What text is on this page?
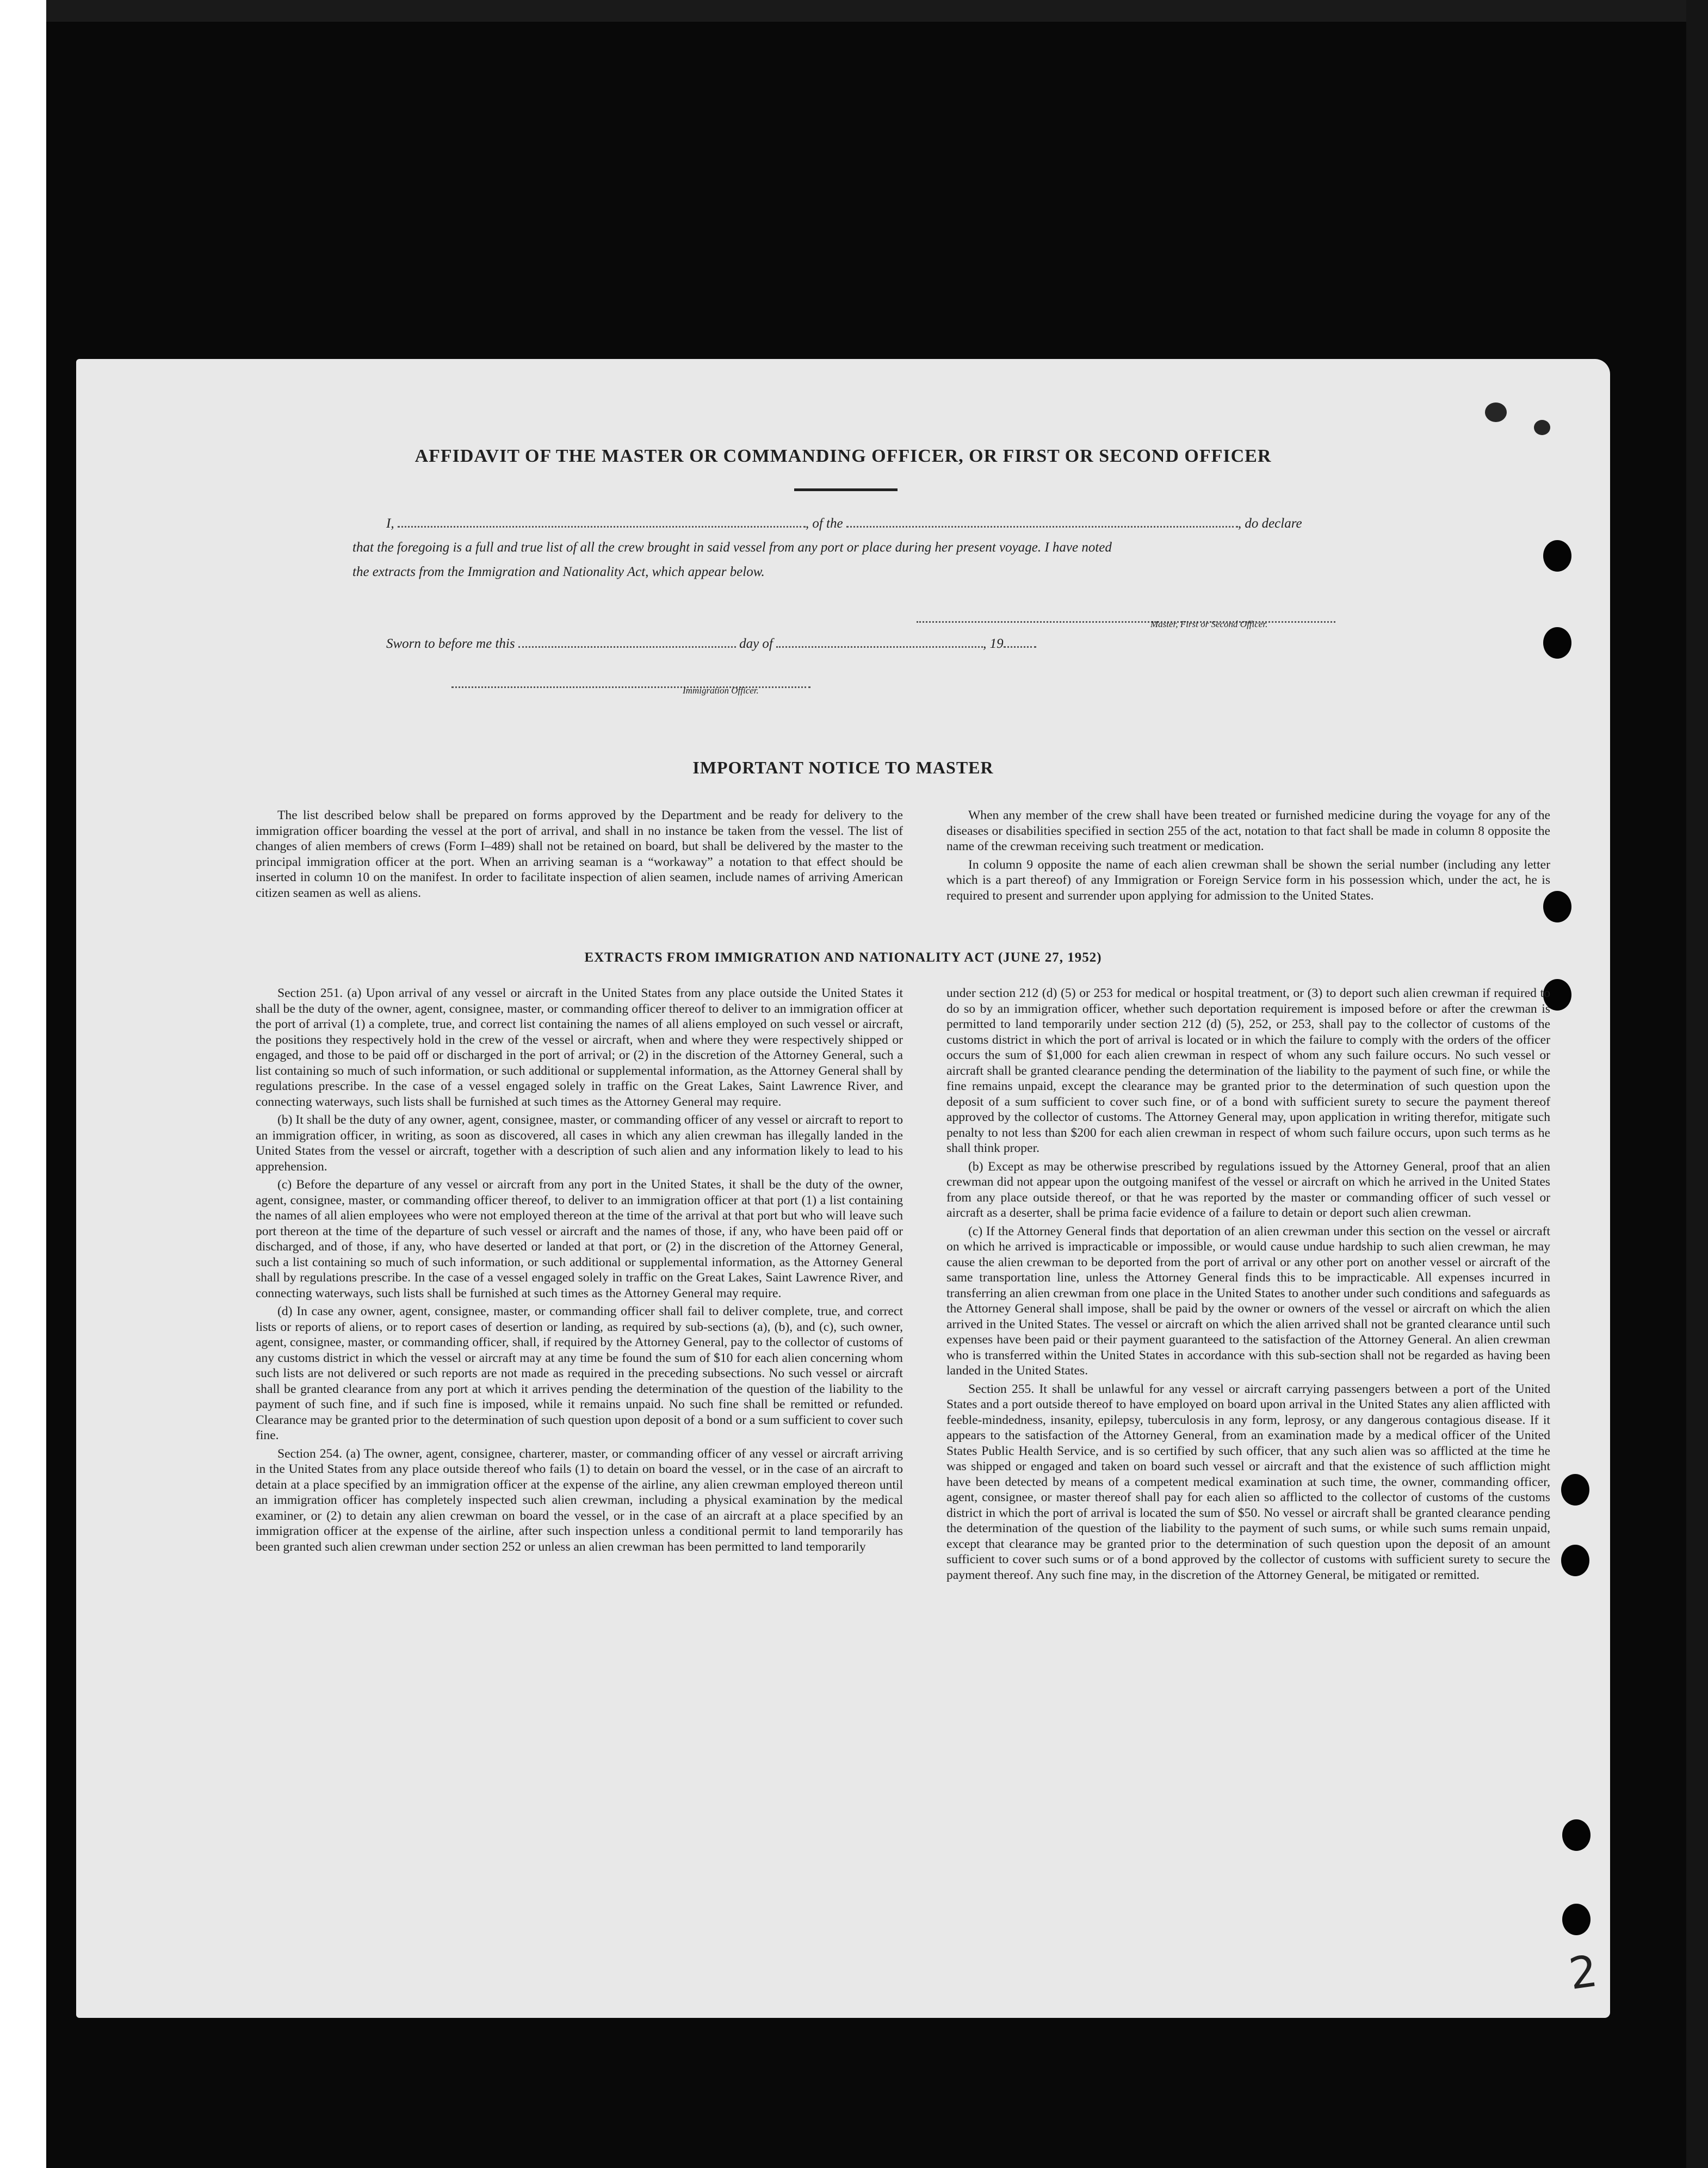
AFFIDAVIT OF THE MASTER OR COMMANDING OFFICER, OR FIRST OR SECOND OFFICER
I,	, of the	, do declare
that the foregoing is a full and true list of all the crew brought in said vessel from any port or place during her present voyage. I have noted
the extracts from the Immigration and Nationality Act, which appear below.
Master, First or Second Officer.
Sworn to before me this	day of	, 19
Immigration Officer.
IMPORTANT NOTICE TO MASTER

The list described below shall be prepared on forms approved by the Department and be ready for delivery to the immigration officer boarding the vessel at the port of arrival, and shall in no instance be taken from the vessel. The list of changes of alien members of crews (Form I–489) shall not be retained on board, but shall be delivered by the master to the principal immigration officer at the port. When an arriving seaman is a “workaway” a notation to that effect should be inserted in column 10 on the manifest. In order to facilitate inspection of alien seamen, include names of arriving American citizen seamen as well as aliens.

When any member of the crew shall have been treated or furnished medicine during the voyage for any of the diseases or disabilities specified in section 255 of the act, notation to that fact shall be made in column 8 opposite the name of the crewman receiving such treatment or medication.

In column 9 opposite the name of each alien crewman shall be shown the serial number (including any letter which is a part thereof) of any Immigration or Foreign Service form in his possession which, under the act, he is required to present and surrender upon applying for admission to the United States.

EXTRACTS FROM IMMIGRATION AND NATIONALITY ACT (JUNE 27, 1952)

Section 251. (a) Upon arrival of any vessel or aircraft in the United States from any place outside the United States it shall be the duty of the owner, agent, consignee, master, or commanding officer thereof to deliver to an immigration officer at the port of arrival (1) a complete, true, and correct list containing the names of all aliens employed on such vessel or aircraft, the positions they respectively hold in the crew of the vessel or aircraft, when and where they were respectively shipped or engaged, and those to be paid off or discharged in the port of arrival; or (2) in the discretion of the Attorney General, such a list containing so much of such information, or such additional or supplemental information, as the Attorney General shall by regulations prescribe. In the case of a vessel engaged solely in traffic on the Great Lakes, Saint Lawrence River, and connecting waterways, such lists shall be furnished at such times as the Attorney General may require.

(b) It shall be the duty of any owner, agent, consignee, master, or commanding officer of any vessel or aircraft to report to an immigration officer, in writing, as soon as discovered, all cases in which any alien crewman has illegally landed in the United States from the vessel or aircraft, together with a description of such alien and any information likely to lead to his apprehension.

(c) Before the departure of any vessel or aircraft from any port in the United States, it shall be the duty of the owner, agent, consignee, master, or commanding officer thereof, to deliver to an immigration officer at that port (1) a list containing the names of all alien employees who were not employed thereon at the time of the arrival at that port but who will leave such port thereon at the time of the departure of such vessel or aircraft and the names of those, if any, who have been paid off or discharged, and of those, if any, who have deserted or landed at that port, or (2) in the discretion of the Attorney General, such a list containing so much of such information, or such additional or supplemental information, as the Attorney General shall by regulations prescribe. In the case of a vessel engaged solely in traffic on the Great Lakes, Saint Lawrence River, and connecting waterways, such lists shall be furnished at such times as the Attorney General may require.

(d) In case any owner, agent, consignee, master, or commanding officer shall fail to deliver complete, true, and correct lists or reports of aliens, or to report cases of desertion or landing, as required by sub-sections (a), (b), and (c), such owner, agent, consignee, master, or commanding officer, shall, if required by the Attorney General, pay to the collector of customs of any customs district in which the vessel or aircraft may at any time be found the sum of $10 for each alien concerning whom such lists are not delivered or such reports are not made as required in the preceding subsections. No such vessel or aircraft shall be granted clearance from any port at which it arrives pending the determination of the question of the liability to the payment of such fine, and if such fine is imposed, while it remains unpaid. No such fine shall be remitted or refunded. Clearance may be granted prior to the determination of such question upon deposit of a bond or a sum sufficient to cover such fine.

Section 254. (a) The owner, agent, consignee, charterer, master, or commanding officer of any vessel or aircraft arriving in the United States from any place outside thereof who fails (1) to detain on board the vessel, or in the case of an aircraft to detain at a place specified by an immigration officer at the expense of the airline, any alien crewman employed thereon until an immigration officer has completely inspected such alien crewman, including a physical examination by the medical examiner, or (2) to detain any alien crewman on board the vessel, or in the case of an aircraft at a place specified by an immigration officer at the expense of the airline, after such inspection unless a conditional permit to land temporarily has been granted such alien crewman under section 252 or unless an alien crewman has been permitted to land temporarily

under section 212 (d) (5) or 253 for medical or hospital treatment, or (3) to deport such alien crewman if required to do so by an immigration officer, whether such deportation requirement is imposed before or after the crewman is permitted to land temporarily under section 212 (d) (5), 252, or 253, shall pay to the collector of customs of the customs district in which the port of arrival is located or in which the failure to comply with the orders of the officer occurs the sum of $1,000 for each alien crewman in respect of whom any such failure occurs. No such vessel or aircraft shall be granted clearance pending the determination of the liability to the payment of such fine, or while the fine remains unpaid, except the clearance may be granted prior to the determination of such question upon the deposit of a sum sufficient to cover such fine, or of a bond with sufficient surety to secure the payment thereof approved by the collector of customs. The Attorney General may, upon application in writing therefor, mitigate such penalty to not less than $200 for each alien crewman in respect of whom such failure occurs, upon such terms as he shall think proper.

(b) Except as may be otherwise prescribed by regulations issued by the Attorney General, proof that an alien crewman did not appear upon the outgoing manifest of the vessel or aircraft on which he arrived in the United States from any place outside thereof, or that he was reported by the master or commanding officer of such vessel or aircraft as a deserter, shall be prima facie evidence of a failure to detain or deport such alien crewman.

(c) If the Attorney General finds that deportation of an alien crewman under this section on the vessel or aircraft on which he arrived is impracticable or impossible, or would cause undue hardship to such alien crewman, he may cause the alien crewman to be deported from the port of arrival or any other port on another vessel or aircraft of the same transportation line, unless the Attorney General finds this to be impracticable. All expenses incurred in transferring an alien crewman from one place in the United States to another under such conditions and safeguards as the Attorney General shall impose, shall be paid by the owner or owners of the vessel or aircraft on which the alien arrived in the United States. The vessel or aircraft on which the alien arrived shall not be granted clearance until such expenses have been paid or their payment guaranteed to the satisfaction of the Attorney General. An alien crewman who is transferred within the United States in accordance with this sub-section shall not be regarded as having been landed in the United States.

Section 255. It shall be unlawful for any vessel or aircraft carrying passengers between a port of the United States and a port outside thereof to have employed on board upon arrival in the United States any alien afflicted with feeble-mindedness, insanity, epilepsy, tuberculosis in any form, leprosy, or any dangerous contagious disease. If it appears to the satisfaction of the Attorney General, from an examination made by a medical officer of the United States Public Health Service, and is so certified by such officer, that any such alien was so afflicted at the time he was shipped or engaged and taken on board such vessel or aircraft and that the existence of such affliction might have been detected by means of a competent medical examination at such time, the owner, commanding officer, agent, consignee, or master thereof shall pay for each alien so afflicted to the collector of customs of the customs district in which the port of arrival is located the sum of $50. No vessel or aircraft shall be granted clearance pending the determination of the question of the liability to the payment of such sums, or while such sums remain unpaid, except that clearance may be granted prior to the determination of such question upon the deposit of an amount sufficient to cover such sums or of a bond approved by the collector of customs with sufficient surety to secure the payment thereof. Any such fine may, in the discretion of the Attorney General, be mitigated or remitted.

2
